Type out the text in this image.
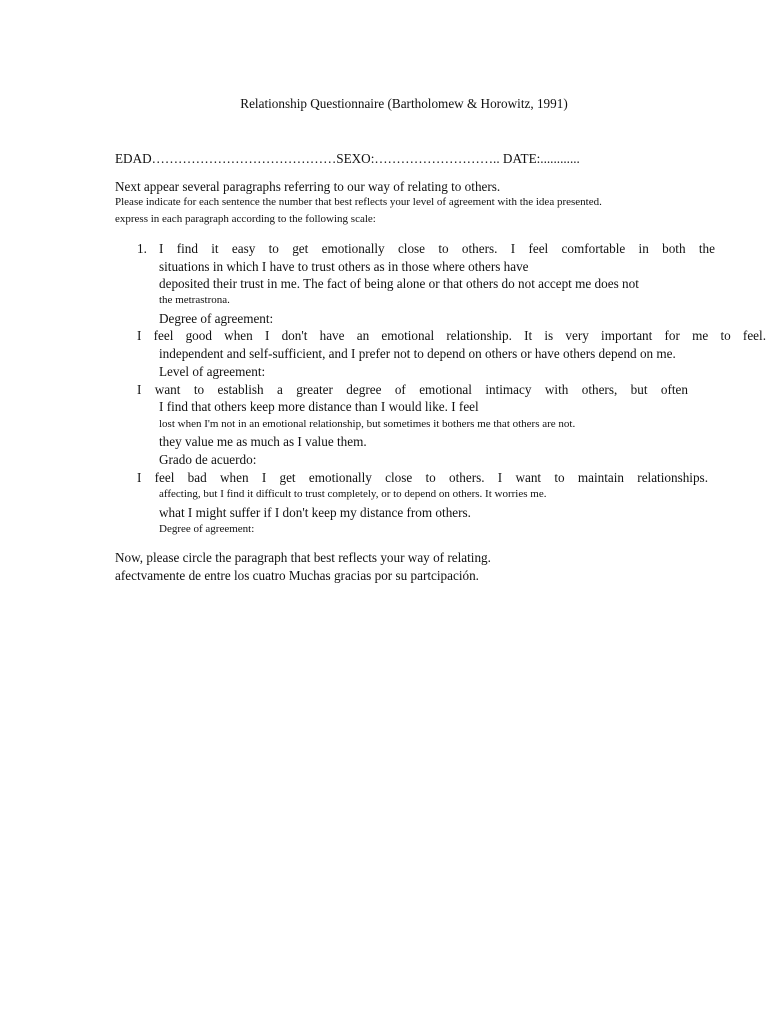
Relationship Questionnaire (Bartholomew & Horowitz, 1991)
EDAD……………………………………SEXO:……………………….. DATE:............
Next appear several paragraphs referring to our way of relating to others.
Please indicate for each sentence the number that best reflects your level of agreement with the idea presented.
express in each paragraph according to the following scale:
1. I find it easy to get emotionally close to others. I feel comfortable in both the
situations in which I have to trust others as in those where others have
deposited their trust in me. The fact of being alone or that others do not accept me does not
the metrastrona.
Degree of agreement:
I feel good when I don't have an emotional relationship. It is very important for me to feel.
independent and self-sufficient, and I prefer not to depend on others or have others depend on me.
Level of agreement:
I want to establish a greater degree of emotional intimacy with others, but often
I find that others keep more distance than I would like. I feel
lost when I'm not in an emotional relationship, but sometimes it bothers me that others are not.
they value me as much as I value them.
Grado de acuerdo:
I feel bad when I get emotionally close to others. I want to maintain relationships.
affecting, but I find it difficult to trust completely, or to depend on others. It worries me.
what I might suffer if I don't keep my distance from others.
Degree of agreement:
Now, please circle the paragraph that best reflects your way of relating.
afectvamente de entre los cuatro Muchas gracias por su partcipación.
